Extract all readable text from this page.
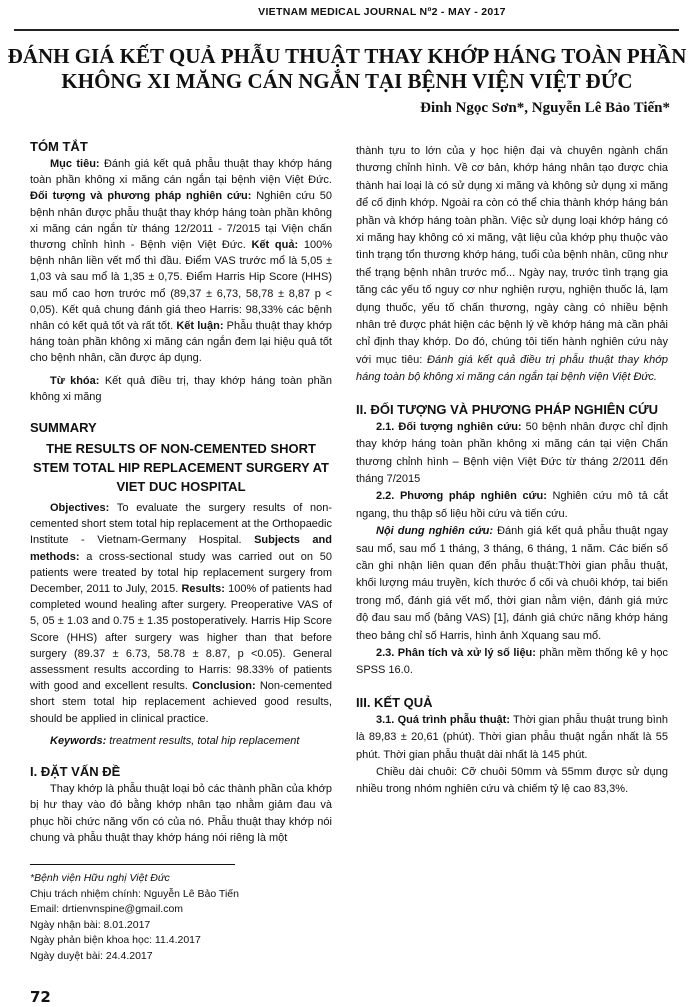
VIETNAM MEDICAL JOURNAL Nº2 - MAY - 2017
ĐÁNH GIÁ KẾT QUẢ PHẪU THUẬT THAY KHỚP HÁNG TOÀN PHẦN
KHÔNG XI MĂNG CÁN NGẮN TẠI BỆNH VIỆN VIỆT ĐỨC
Đinh Ngọc Sơn*, Nguyễn Lê Bảo Tiến*
TÓM TẮT

Mục tiêu: Đánh giá kết quả phẫu thuật thay khớp háng toàn phần không xi măng cán ngắn tại bệnh viện Việt Đức. Đối tượng và phương pháp nghiên cứu: Nghiên cứu 50 bệnh nhân được phẫu thuật thay khớp háng toàn phần không xi măng cán ngắn từ tháng 12/2011 - 7/2015 tại Viện chấn thương chỉnh hình - Bệnh viện Việt Đức. Kết quả: 100% bệnh nhân liền vết mổ thì đầu. Điểm VAS trước mổ là 5,05 ± 1,03 và sau mổ là 1,35 ± 0,75. Điểm Harris Hip Score (HHS) sau mổ cao hơn trước mổ (89,37 ± 6,73, 58,78 ± 8,87 p < 0,05). Kết quả chung đánh giá theo Harris: 98,33% các bệnh nhân có kết quả tốt và rất tốt. Kết luận: Phẫu thuật thay khớp háng toàn phần không xi măng cán ngắn đem lại hiệu quả tốt cho bệnh nhân, cần được áp dụng.

Từ khóa: Kết quả điều trị, thay khớp háng toàn phần không xi măng

SUMMARY
THE RESULTS OF NON-CEMENTED SHORT STEM TOTAL HIP REPLACEMENT SURGERY AT VIET DUC HOSPITAL

Objectives: To evaluate the surgery results of non-cemented short stem total hip replacement at the Orthopaedic Institute - Vietnam-Germany Hospital. Subjects and methods: a cross-sectional study was carried out on 50 patients were treated by total hip replacement surgery from December, 2011 to July, 2015. Results: 100% of patients had completed wound healing after surgery. Preoperative VAS of 5, 05 ± 1.03 and 0.75 ± 1.35 postoperatively. Harris Hip Score Score (HHS) after surgery was higher than that before surgery (89.37 ± 6.73, 58.78 ± 8.87, p <0.05). General assessment results according to Harris: 98.33% of patients with good and excellent results. Conclusion: Non-cemented short stem total hip replacement achieved good results, should be applied in clinical practice.

Keywords: treatment results, total hip replacement

I. ĐẶT VẤN ĐỀ

Thay khớp là phẫu thuật loại bỏ các thành phần của khớp bị hư thay vào đó bằng khớp nhân tạo nhằm giảm đau và phục hồi chức năng vốn có của nó. Phẫu thuật thay khớp nói chung và phẫu thuật thay khớp háng nói riêng là một

*Bệnh viện Hữu nghị Việt Đức
Chịu trách nhiệm chính: Nguyễn Lê Bảo Tiến
Email: drtienvnspine@gmail.com
Ngày nhận bài: 8.01.2017
Ngày phản biện khoa học: 11.4.2017
Ngày duyệt bài: 24.4.2017
72

thành tựu to lớn của y học hiện đại và chuyên ngành chấn thương chỉnh hình. Về cơ bản, khớp háng nhân tạo được chia thành hai loại là có sử dụng xi măng và không sử dụng xi măng để cố định khớp. Ngoài ra còn có thể chia thành khớp háng bán phần và khớp háng toàn phần. Việc sử dụng loại khớp háng có xi măng hay không có xi măng, vật liệu của khớp phụ thuộc vào tình trạng tổn thương khớp háng, tuổi của bệnh nhân, cũng như thể trạng bệnh nhân trước mổ... Ngày nay, trước tình trạng gia tăng các yếu tố nguy cơ như nghiện rượu, nghiện thuốc lá, lạm dụng thuốc, yếu tố chấn thương, ngày càng có nhiều bệnh nhân trẻ được phát hiện các bệnh lý về khớp háng mà cần phải chỉ định thay khớp. Do đó, chúng tôi tiến hành nghiên cứu này với mục tiêu: Đánh giá kết quả điều trị phẫu thuật thay khớp háng toàn bộ không xi măng cán ngắn tại bệnh viện Việt Đức.

II. ĐỐI TƯỢNG VÀ PHƯƠNG PHÁP NGHIÊN CỨU

2.1. Đối tượng nghiên cứu: 50 bệnh nhân được chỉ định thay khớp háng toàn phần không xi măng cán tại viện Chấn thương chỉnh hình – Bệnh viện Việt Đức từ tháng 2/2011 đến tháng 7/2015

2.2. Phương pháp nghiên cứu: Nghiên cứu mô tả cắt ngang, thu thập số liệu hồi cứu và tiến cứu.

Nội dung nghiên cứu: Đánh giá kết quả phẫu thuật ngay sau mổ, sau mổ 1 tháng, 3 tháng, 6 tháng, 1 năm. Các biến số cần ghi nhận liên quan đến phẫu thuật:Thời gian phẫu thuật, khối lượng máu truyền, kích thước ổ cối và chuôi khớp, tai biến trong mổ, đánh giá vết mổ, thời gian nằm viện, đánh giá mức độ đau sau mổ (bảng VAS) [1], đánh giá chức năng khớp háng theo bảng chỉ số Harris, hình ảnh Xquang sau mổ.

2.3. Phân tích và xử lý số liệu: phần mềm thống kê y học SPSS 16.0.

III. KẾT QUẢ

3.1. Quá trình phẫu thuật: Thời gian phẫu thuật trung bình là 89,83 ± 20,61 (phút). Thời gian phẫu thuật ngắn nhất là 55 phút. Thời gian phẫu thuật dài nhất là 145 phút.

Chiều dài chuôi: Cỡ chuôi 50mm và 55mm được sử dụng nhiều trong nhóm nghiên cứu và chiếm tỷ lệ cao 83,3%.
